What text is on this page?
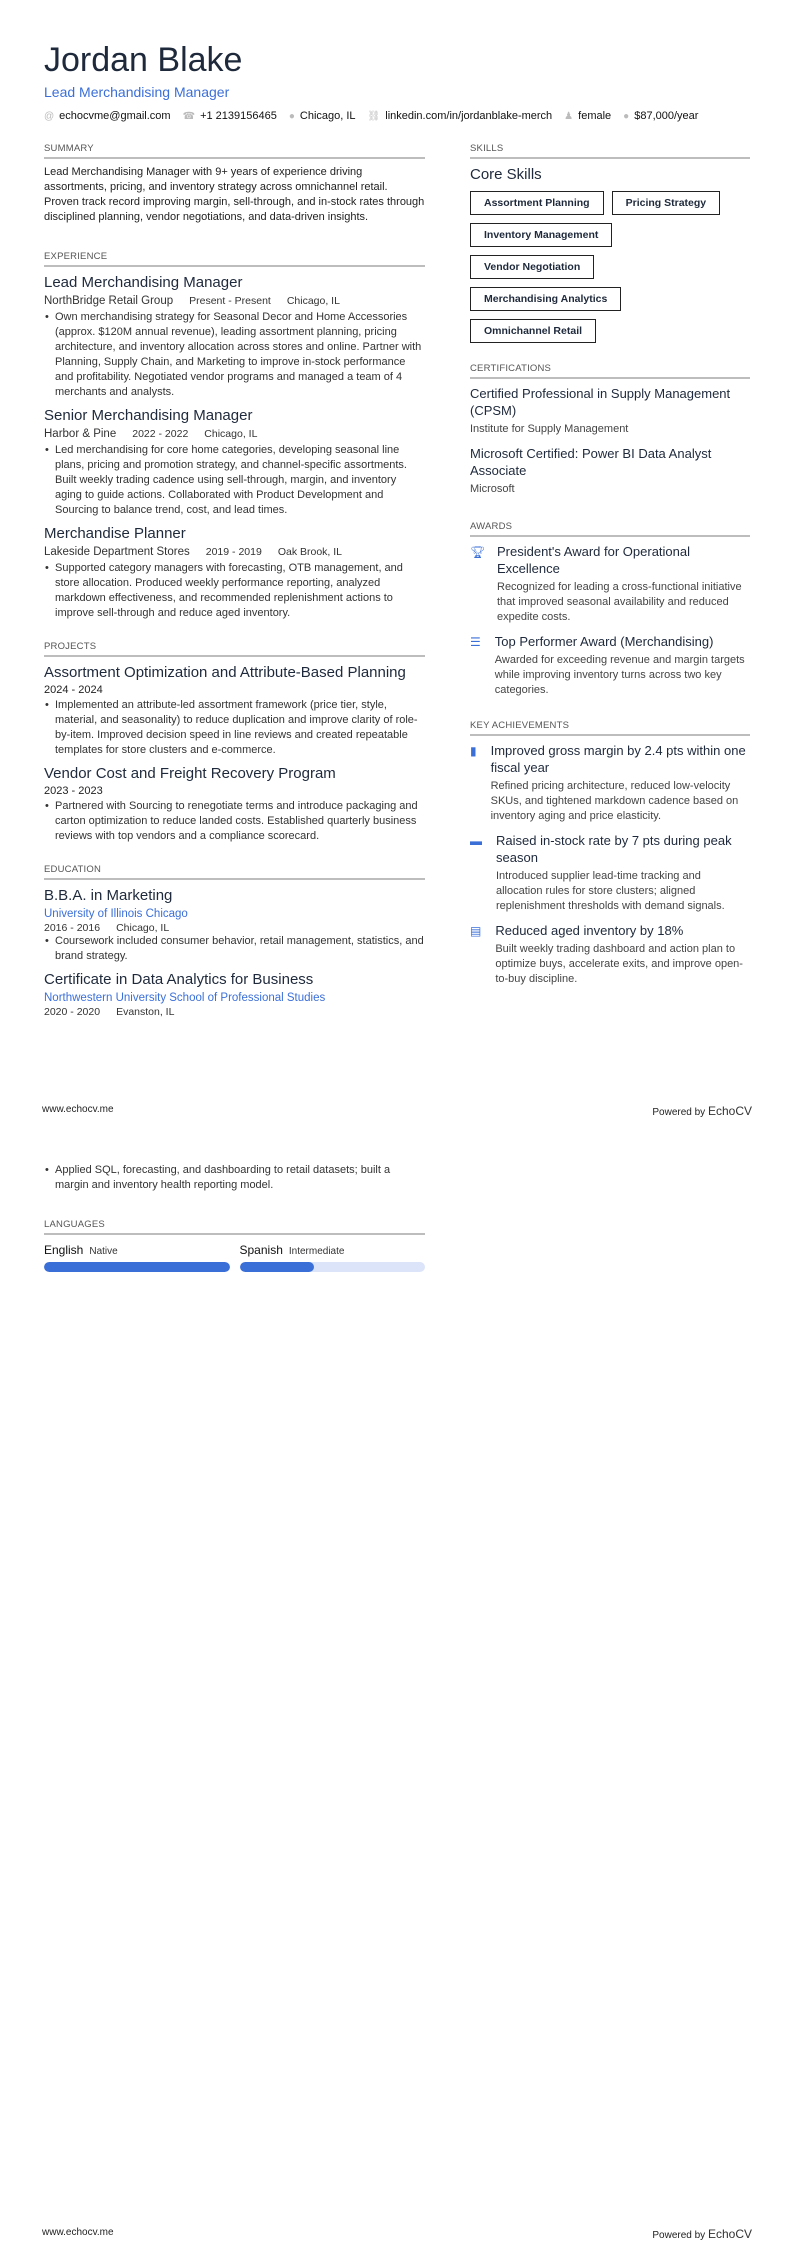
Jordan Blake
Lead Merchandising Manager
@ echocvme@gmail.com ☎ +1 2139156465 ● Chicago, IL ⛓ linkedin.com/in/jordanblake-merch ♟ female ● $87,000/year
SUMMARY
Lead Merchandising Manager with 9+ years of experience driving assortments, pricing, and inventory strategy across omnichannel retail. Proven track record improving margin, sell-through, and in-stock rates through disciplined planning, vendor negotiations, and data-driven insights.
EXPERIENCE
Lead Merchandising Manager
NorthBridge Retail Group Present - Present Chicago, IL
• Own merchandising strategy for Seasonal Decor and Home Accessories (approx. $120M annual revenue), leading assortment planning, pricing architecture, and inventory allocation across stores and online. Partner with Planning, Supply Chain, and Marketing to improve in-stock performance and profitability. Negotiated vendor programs and managed a team of 4 merchants and analysts.
Senior Merchandising Manager
Harbor & Pine 2022 - 2022 Chicago, IL
• Led merchandising for core home categories, developing seasonal line plans, pricing and promotion strategy, and channel-specific assortments. Built weekly trading cadence using sell-through, margin, and inventory aging to guide actions. Collaborated with Product Development and Sourcing to balance trend, cost, and lead times.
Merchandise Planner
Lakeside Department Stores 2019 - 2019 Oak Brook, IL
• Supported category managers with forecasting, OTB management, and store allocation. Produced weekly performance reporting, analyzed markdown effectiveness, and recommended replenishment actions to improve sell-through and reduce aged inventory.
PROJECTS
Assortment Optimization and Attribute-Based Planning
2024 - 2024
• Implemented an attribute-led assortment framework (price tier, style, material, and seasonality) to reduce duplication and improve clarity of role-by-item. Improved decision speed in line reviews and created repeatable templates for store clusters and e-commerce.
Vendor Cost and Freight Recovery Program
2023 - 2023
• Partnered with Sourcing to renegotiate terms and introduce packaging and carton optimization to reduce landed costs. Established quarterly business reviews with top vendors and a compliance scorecard.
EDUCATION
B.B.A. in Marketing
University of Illinois Chicago
2016 - 2016 Chicago, IL
• Coursework included consumer behavior, retail management, statistics, and brand strategy.
Certificate in Data Analytics for Business
Northwestern University School of Professional Studies
2020 - 2020 Evanston, IL
SKILLS
Core Skills
Assortment Planning	Pricing Strategy
Inventory Management
Vendor Negotiation
Merchandising Analytics
Omnichannel Retail
CERTIFICATIONS
Certified Professional in Supply Management (CPSM)
Institute for Supply Management
Microsoft Certified: Power BI Data Analyst Associate
Microsoft
AWARDS
🏆︎ President's Award for Operational Excellence
Recognized for leading a cross-functional initiative that improved seasonal availability and reduced expedite costs.
☰ Top Performer Award (Merchandising)
Awarded for exceeding revenue and margin targets while improving inventory turns across two key categories.
KEY ACHIEVEMENTS
▮ Improved gross margin by 2.4 pts within one fiscal year
Refined pricing architecture, reduced low-velocity SKUs, and tightened markdown cadence based on inventory aging and price elasticity.
▬ Raised in-stock rate by 7 pts during peak season
Introduced supplier lead-time tracking and allocation rules for store clusters; aligned replenishment thresholds with demand signals.
▤ Reduced aged inventory by 18%
Built weekly trading dashboard and action plan to optimize buys, accelerate exits, and improve open-to-buy discipline.
www.echocv.me	Powered by EchoCV
• Applied SQL, forecasting, and dashboarding to retail datasets; built a margin and inventory health reporting model.
LANGUAGES
English Native	Spanish Intermediate
www.echocv.me	Powered by EchoCV
